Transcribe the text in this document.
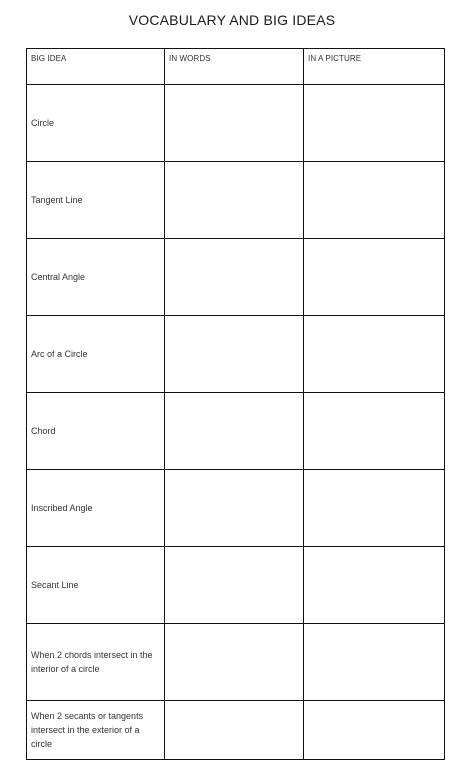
VOCABULARY AND BIG IDEAS
BIG IDEA	IN WORDS	IN A PICTURE
Circle		
Tangent Line		
Central Angle		
Arc of a Circle		
Chord		
Inscribed Angle		
Secant Line		
When 2 chords intersect in the interior of a circle		
When 2 secants or tangents intersect in the exterior of a circle		
